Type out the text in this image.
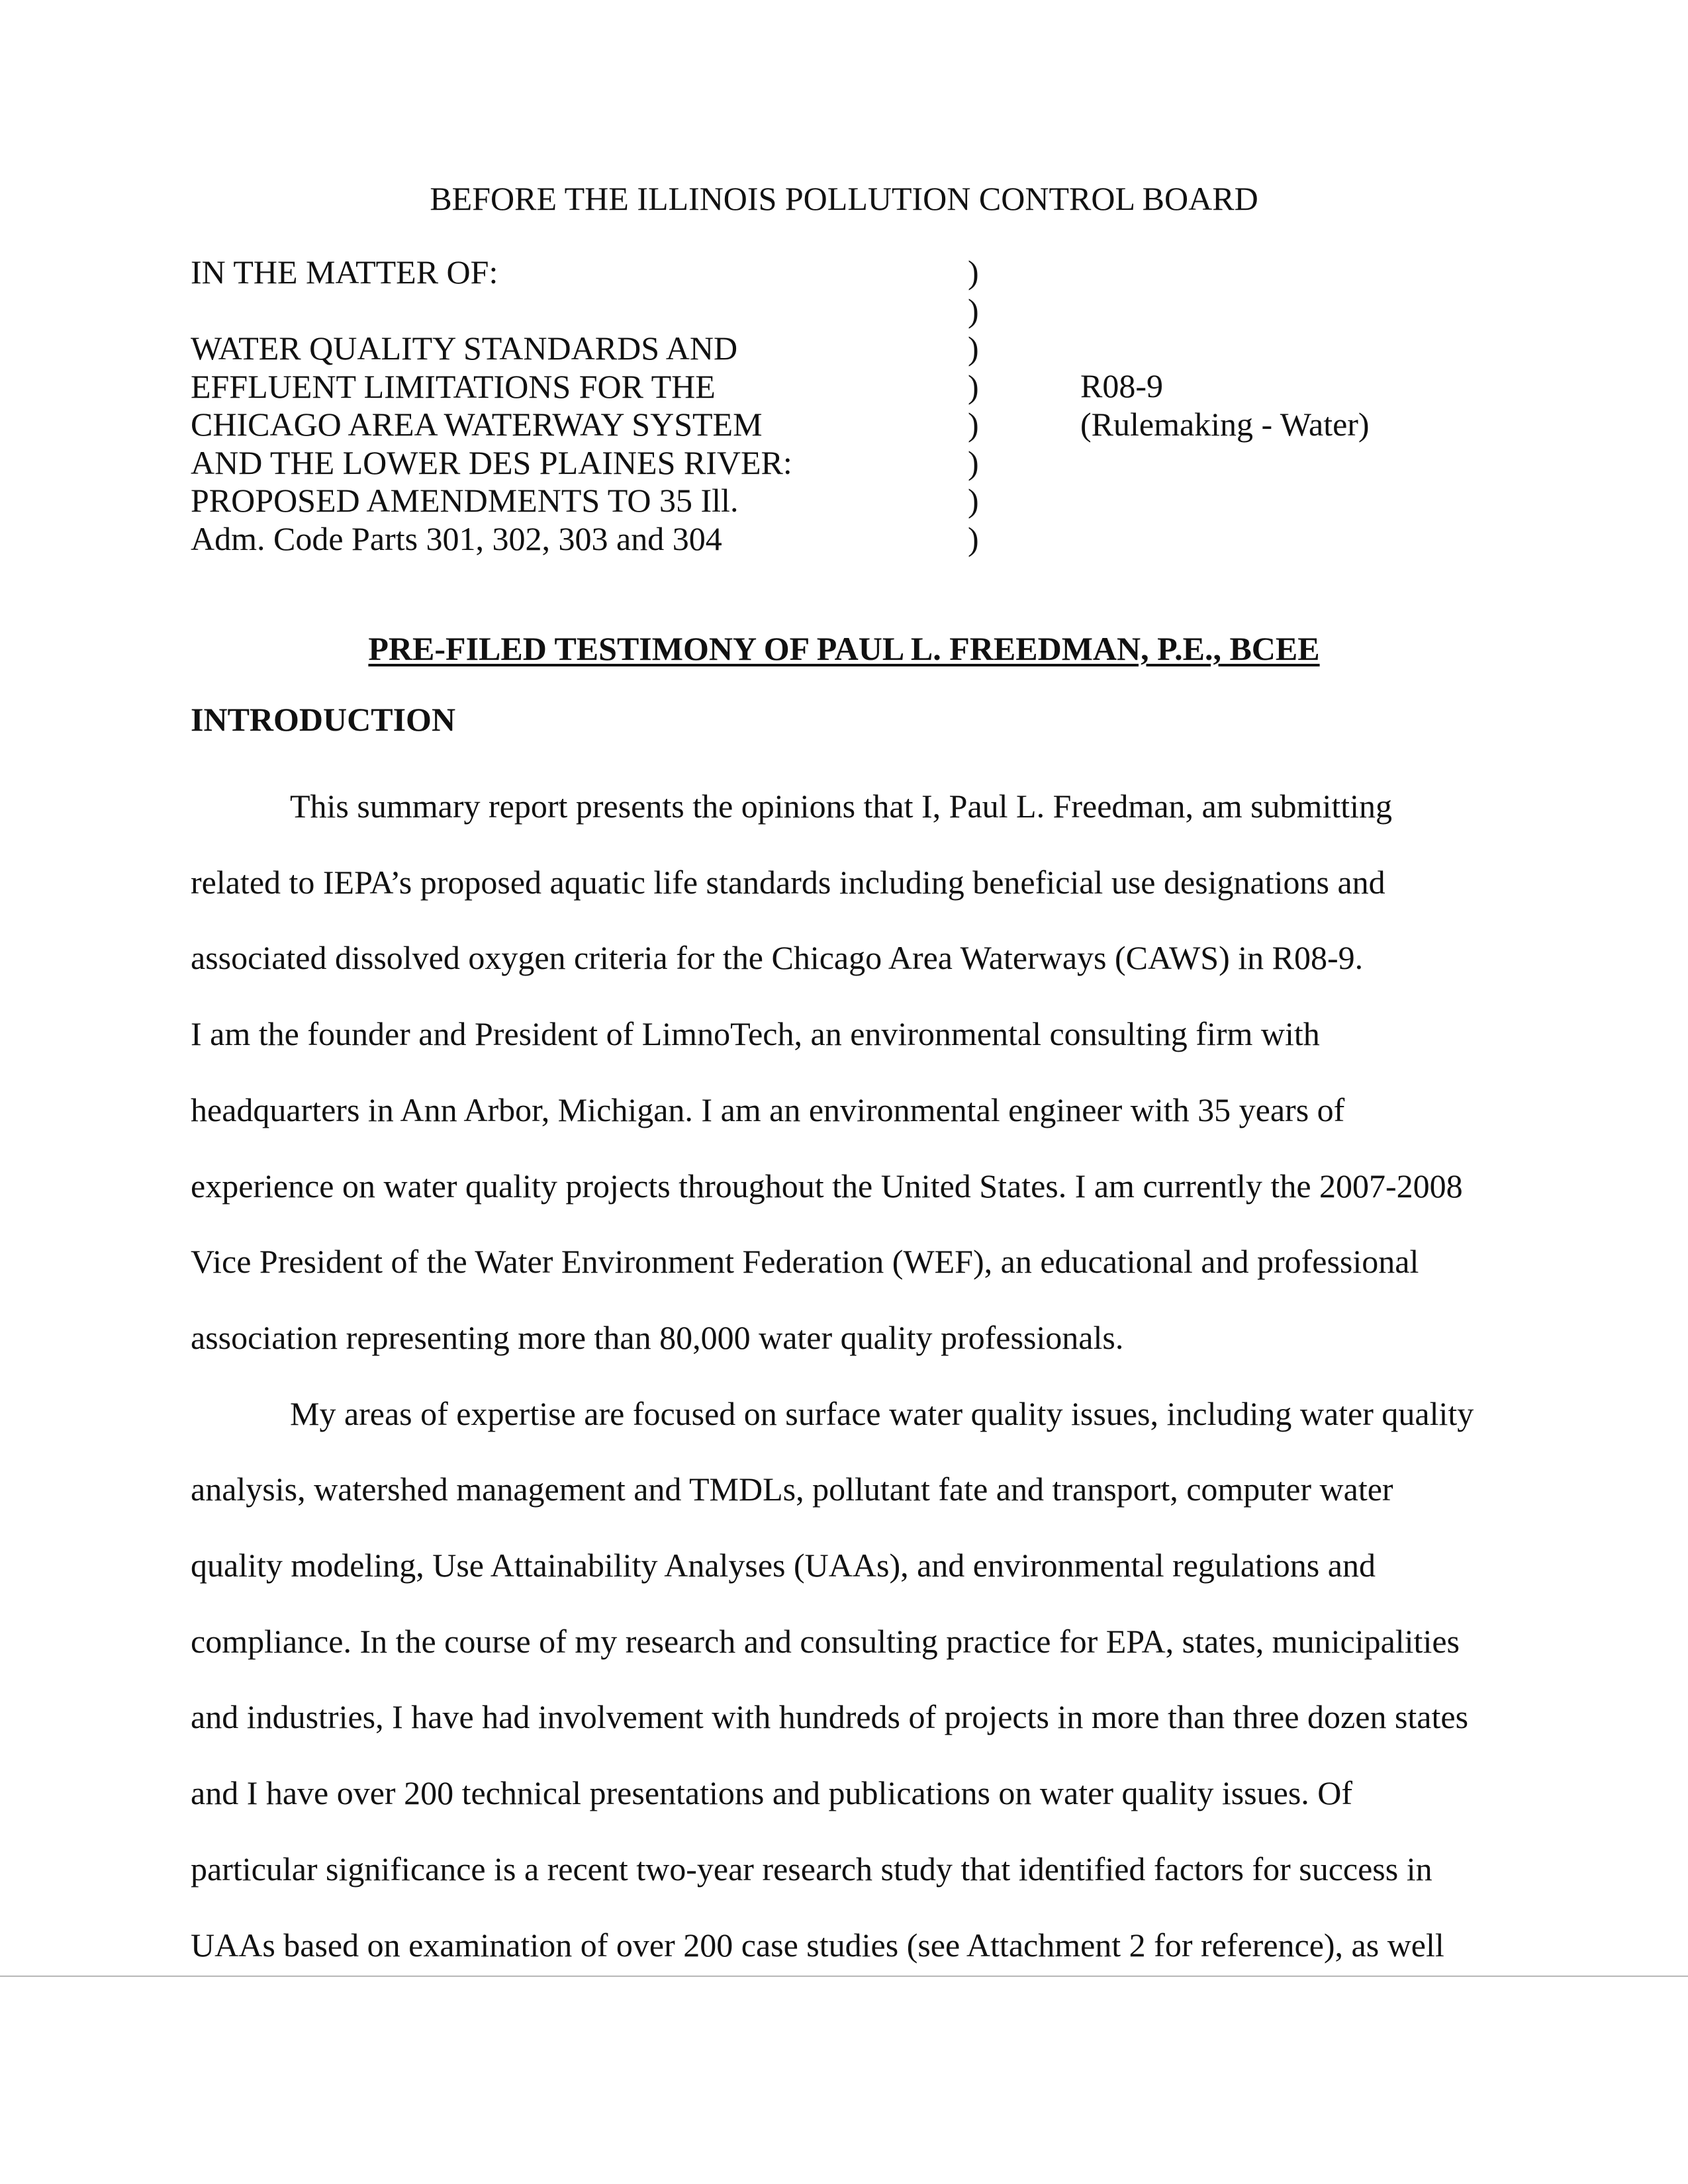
BEFORE THE ILLINOIS POLLUTION CONTROL BOARD
IN THE MATTER OF:
WATER QUALITY STANDARDS AND
EFFLUENT LIMITATIONS FOR THE
CHICAGO AREA WATERWAY SYSTEM
AND THE LOWER DES PLAINES RIVER:
PROPOSED AMENDMENTS TO 35 Ill.
Adm. Code Parts 301, 302, 303 and 304
)
)
)
)
)
)
)
)
R08-9
(Rulemaking - Water)
PRE-FILED TESTIMONY OF PAUL L. FREEDMAN, P.E., BCEE
INTRODUCTION
This summary report presents the opinions that I, Paul L. Freedman, am submitting
related to IEPA’s proposed aquatic life standards including beneficial use designations and
associated dissolved oxygen criteria for the Chicago Area Waterways (CAWS) in R08-9.
I am the founder and President of LimnoTech, an environmental consulting firm with
headquarters in Ann Arbor, Michigan. I am an environmental engineer with 35 years of
experience on water quality projects throughout the United States. I am currently the 2007-2008
Vice President of the Water Environment Federation (WEF), an educational and professional
association representing more than 80,000 water quality professionals.
My areas of expertise are focused on surface water quality issues, including water quality
analysis, watershed management and TMDLs, pollutant fate and transport, computer water
quality modeling, Use Attainability Analyses (UAAs), and environmental regulations and
compliance. In the course of my research and consulting practice for EPA, states, municipalities
and industries, I have had involvement with hundreds of projects in more than three dozen states
and I have over 200 technical presentations and publications on water quality issues. Of
particular significance is a recent two-year research study that identified factors for success in
UAAs based on examination of over 200 case studies (see Attachment 2 for reference), as well
